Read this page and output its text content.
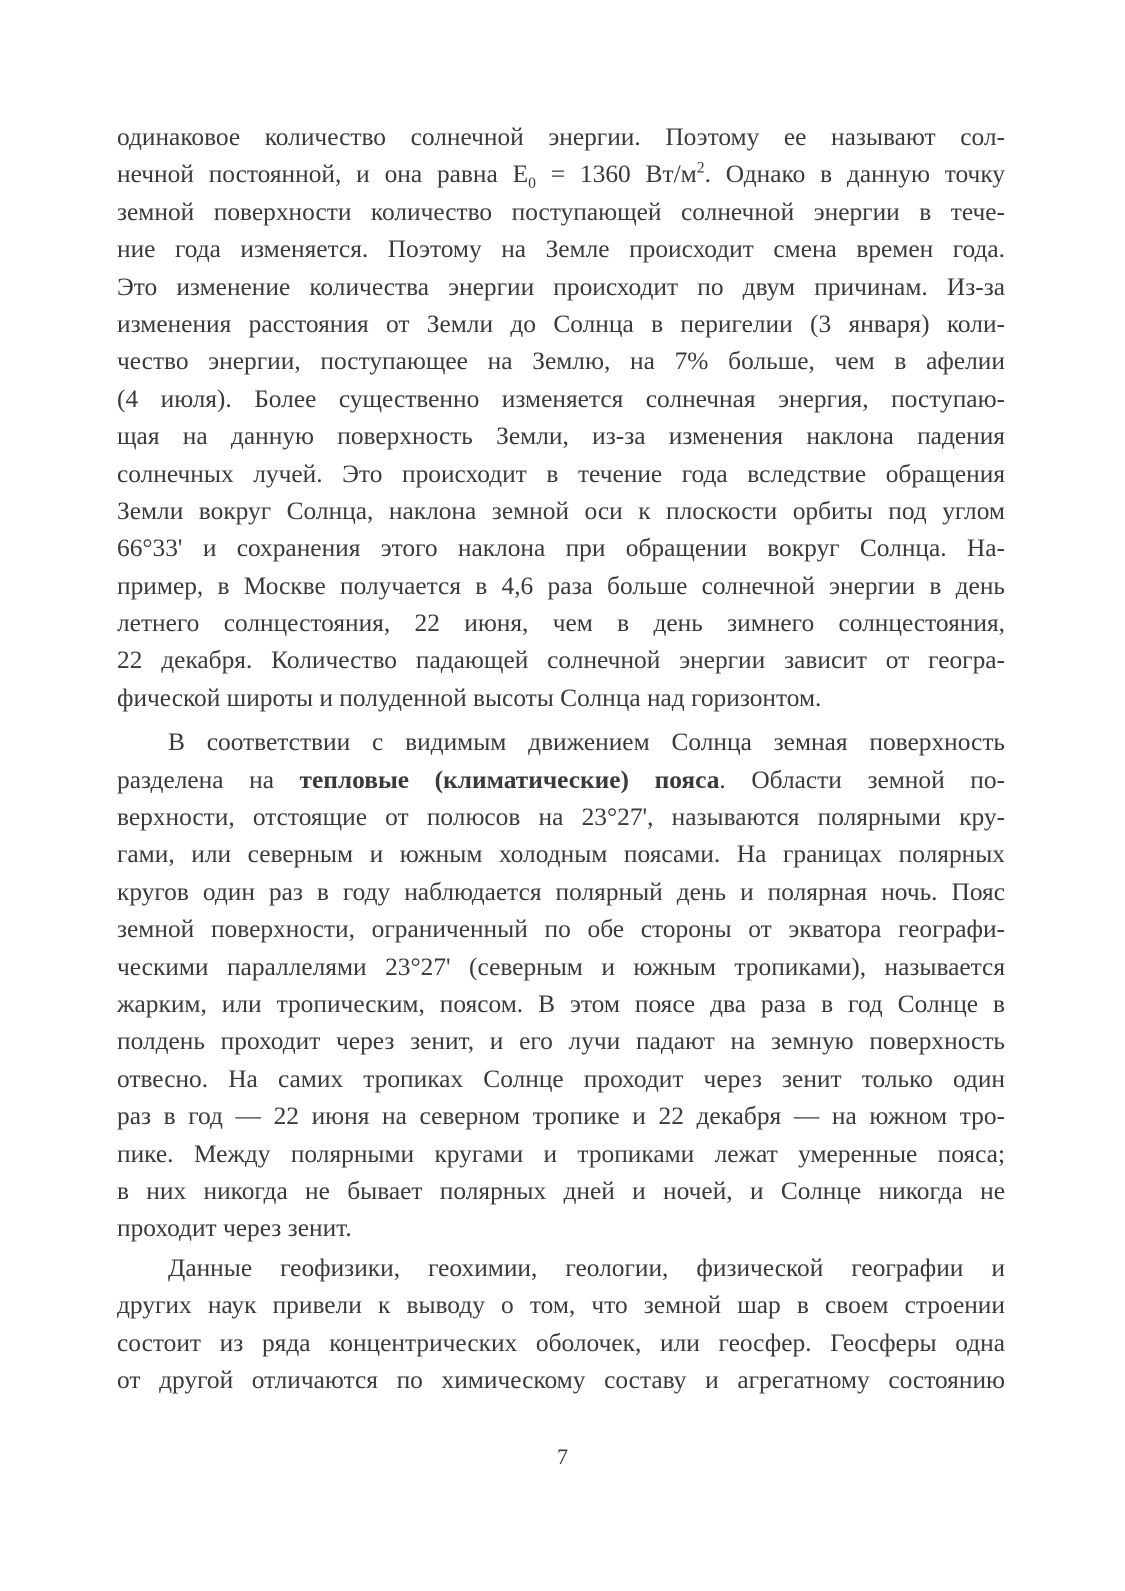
одинаковое количество солнечной энергии. Поэтому ее называют сол-
нечной постоянной, и она равна $E_0 = 1360$ $Вт/м^2$. Однако в данную точку
земной поверхности количество поступающей солнечной энергии в тече-
ние года изменяется. Поэтому на Земле происходит смена времен года.
Это изменение количества энергии происходит по двум причинам. Из-за
изменения расстояния от Земли до Солнца в перигелии (3 января) коли-
чество энергии, поступающее на Землю, на 7% больше, чем в афелии
(4 июля). Более существенно изменяется солнечная энергия, поступаю-
щая на данную поверхность Земли, из-за изменения наклона падения
солнечных лучей. Это происходит в течение года вследствие обращения
Земли вокруг Солнца, наклона земной оси к плоскости орбиты под углом
66°33' и сохранения этого наклона при обращении вокруг Солнца. На-
пример, в Москве получается в 4,6 раза больше солнечной энергии в день
летнего солнцестояния, 22 июня, чем в день зимнего солнцестояния,
22 декабря. Количество падающей солнечной энергии зависит от геогра-
фической широты и полуденной высоты Солнца над горизонтом.
В соответствии с видимым движением Солнца земная поверхность
разделена на тепловые (климатические) пояса. Области земной по-
верхности, отстоящие от полюсов на 23°27', называются полярными кру-
гами, или северным и южным холодным поясами. На границах полярных
кругов один раз в году наблюдается полярный день и полярная ночь. Пояс
земной поверхности, ограниченный по обе стороны от экватора географи-
ческими параллелями 23°27' (северным и южным тропиками), называется
жарким, или тропическим, поясом. В этом поясе два раза в год Солнце в
полдень проходит через зенит, и его лучи падают на земную поверхность
отвесно. На самих тропиках Солнце проходит через зенит только один
раз в год — 22 июня на северном тропике и 22 декабря — на южном тро-
пике. Между полярными кругами и тропиками лежат умеренные пояса;
в них никогда не бывает полярных дней и ночей, и Солнце никогда не
проходит через зенит.
Данные геофизики, геохимии, геологии, физической географии и
других наук привели к выводу о том, что земной шар в своем строении
состоит из ряда концентрических оболочек, или геосфер. Геосферы одна
от другой отличаются по химическому составу и агрегатному состоянию
7
